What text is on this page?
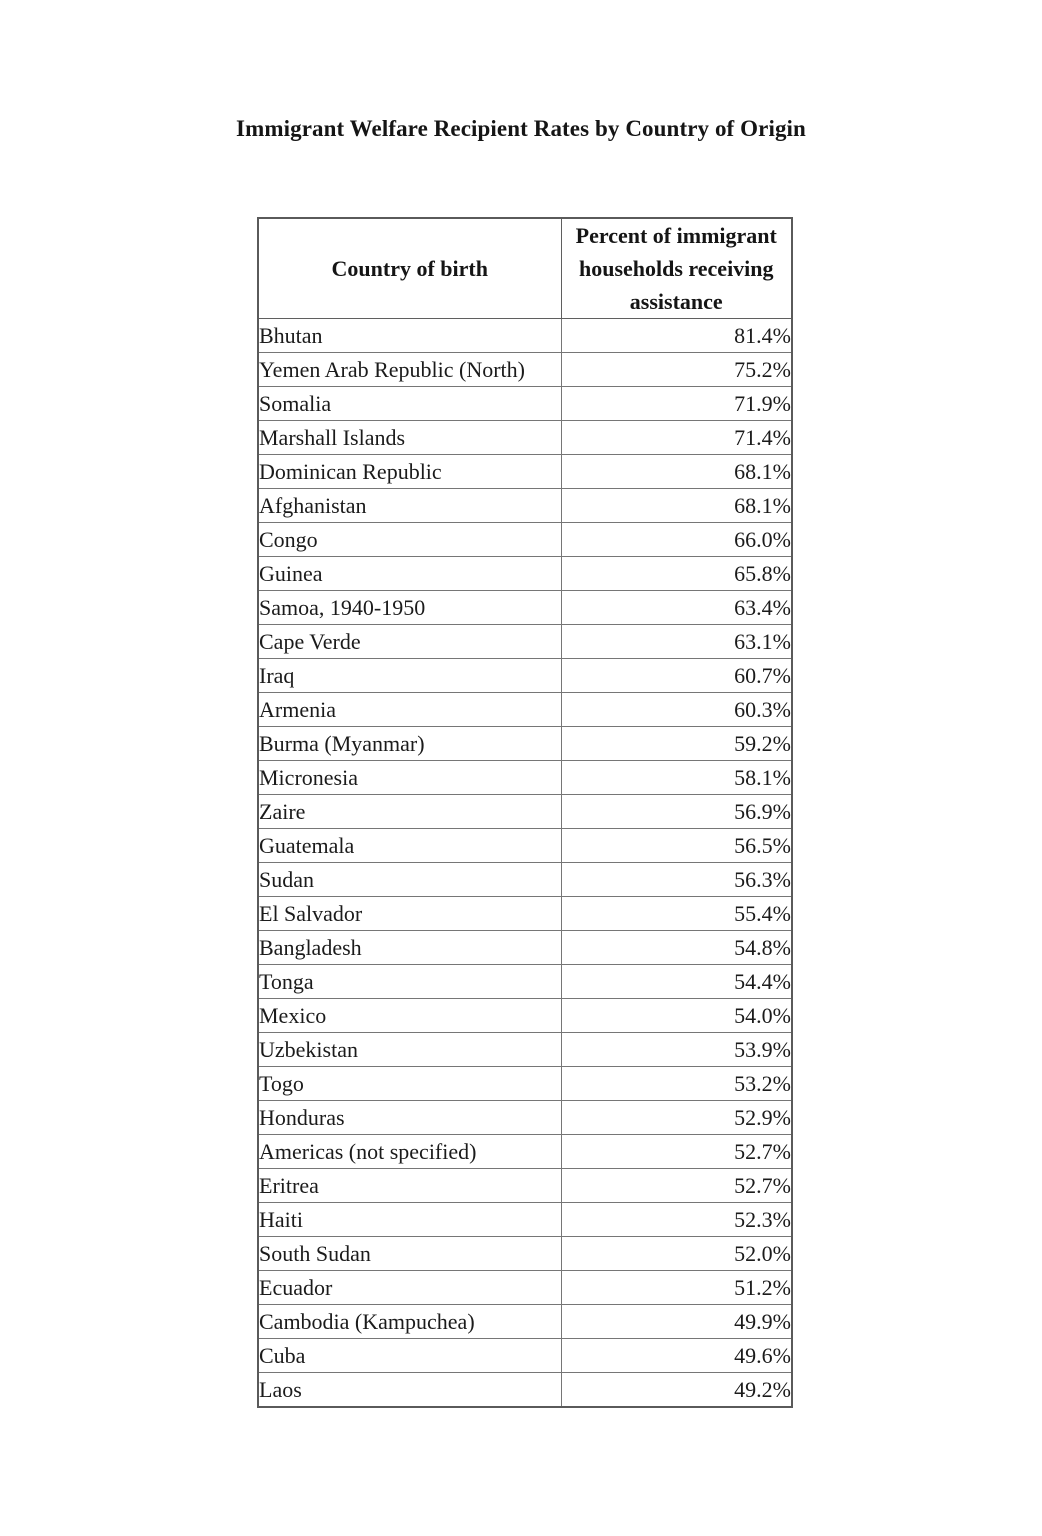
Immigrant Welfare Recipient Rates by Country of Origin
Country of birth	Percent of immigrant households receiving assistance
Bhutan	81.4%
Yemen Arab Republic (North)	75.2%
Somalia	71.9%
Marshall Islands	71.4%
Dominican Republic	68.1%
Afghanistan	68.1%
Congo	66.0%
Guinea	65.8%
Samoa, 1940-1950	63.4%
Cape Verde	63.1%
Iraq	60.7%
Armenia	60.3%
Burma (Myanmar)	59.2%
Micronesia	58.1%
Zaire	56.9%
Guatemala	56.5%
Sudan	56.3%
El Salvador	55.4%
Bangladesh	54.8%
Tonga	54.4%
Mexico	54.0%
Uzbekistan	53.9%
Togo	53.2%
Honduras	52.9%
Americas (not specified)	52.7%
Eritrea	52.7%
Haiti	52.3%
South Sudan	52.0%
Ecuador	51.2%
Cambodia (Kampuchea)	49.9%
Cuba	49.6%
Laos	49.2%
